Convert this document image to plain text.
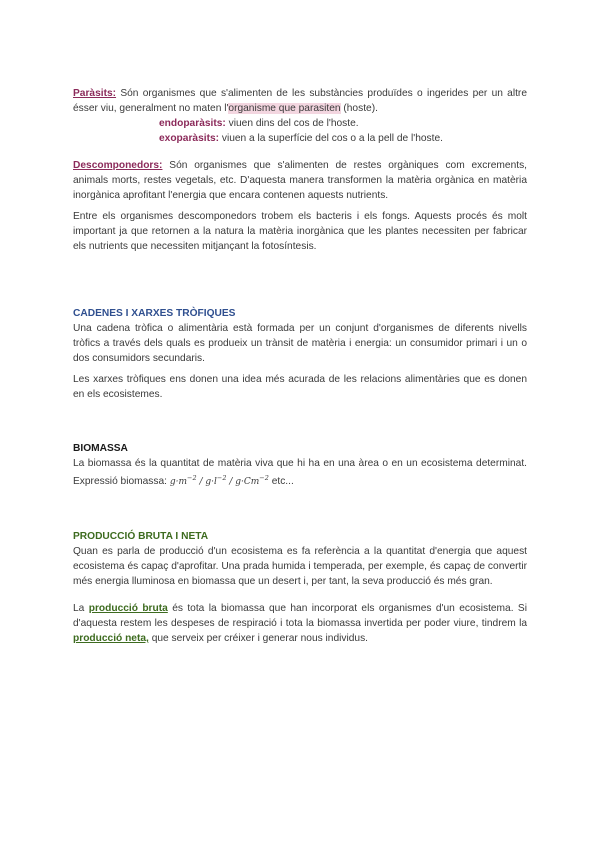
Paràsits: Són organismes que s'alimenten de les substàncies produïdes o ingerides per un altre ésser viu, generalment no maten l'organisme que parasiten (hoste).

endoparàsits: viuen dins del cos de l'hoste.

exoparàsits: viuen a la superfície del cos o a la pell de l'hoste.

Descomponedors: Són organismes que s'alimenten de restes orgàniques com excrements, animals morts, restes vegetals, etc. D'aquesta manera transformen la matèria orgànica en matèria inorgànica aprofitant l'energia que encara contenen aquests nutrients.

Entre els organismes descomponedors trobem els bacteris i els fongs. Aquests procés és molt important ja que retornen a la natura la matèria inorgànica que les plantes necessiten per fabricar els nutrients que necessiten mitjançant la fotosíntesis.

CADENES I XARXES TRÒFIQUES

Una cadena tròfica o alimentària està formada per un conjunt d'organismes de diferents nivells tròfics a través dels quals es produeix un trànsit de matèria i energia: un consumidor primari i un o dos consumidors secundaris.

Les xarxes tròfiques ens donen una idea més acurada de les relacions alimentàries que es donen en els ecosistemes.

BIOMASSA

La biomassa és la quantitat de matèria viva que hi ha en una àrea o en un ecosistema determinat. Expressió biomassa: $g\cdot m^{-2} / g\cdot l^{-2} / g\cdot Cm^{-2}$ etc...

PRODUCCIÓ BRUTA I NETA

Quan es parla de producció d'un ecosistema es fa referència a la quantitat d'energia que aquest ecosistema és capaç d'aprofitar. Una prada humida i temperada, per exemple, és capaç de convertir més energia lluminosa en biomassa que un desert i, per tant, la seva producció és més gran.

La producció bruta és tota la biomassa que han incorporat els organismes d'un ecosistema. Si d'aquesta restem les despeses de respiració i tota la biomassa invertida per poder viure, tindrem la producció neta, que serveix per créixer i generar nous individus.
